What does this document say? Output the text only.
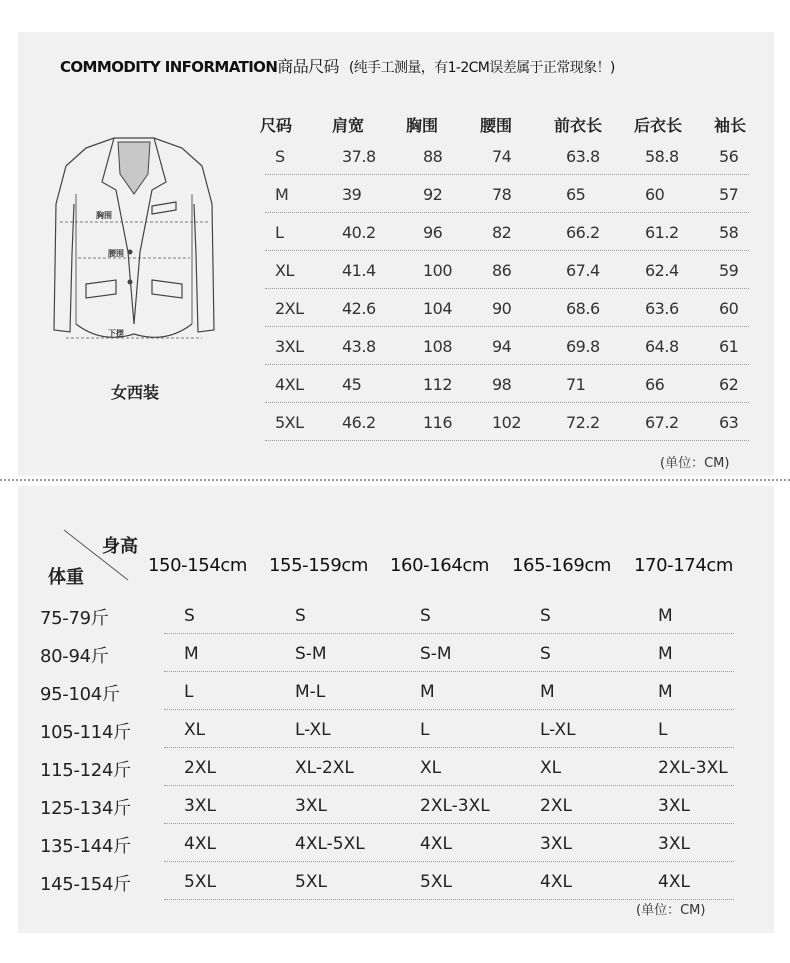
COMMODITY INFORMATION商品尺码 (纯手工测量，有1-2CM误差属于正常现象！)
胸围
腰围
下摆
女西装
尺码 肩宽	胸围	腰围	前衣长 后衣长 袖长
S	37.8	88	74	63.8	58.8	56
M	39	92	78	65	60	57
L	40.2	96	82	66.2	61.2	58
XL	41.4	100 86	67.4	62.4	59
2XL 42.6	104 90	68.6	63.6	60
3XL 43.8	108 94	69.8	64.8	61
4XL 45	112 98	71	66	62
5XL 46.2	116 102	72.2	67.2	63
(单位：CM)
身高
体重
150-154cm 155-159cm 160-164cm 165-169cm 170-174cm
75-79斤	S	S	S	S	M
80-94斤	M	S-M	S-M	S	M
95-104斤	L	M-L	M	M	M
105-114斤	XL	L-XL	L	L-XL	L
115-124斤	2XL	XL-2XL	XL	XL	2XL-3XL
125-134斤	3XL	3XL	2XL-3XL	2XL	3XL
135-144斤	4XL	4XL-5XL	4XL	3XL	3XL
145-154斤	5XL	5XL	5XL	4XL	4XL
(单位：CM)
